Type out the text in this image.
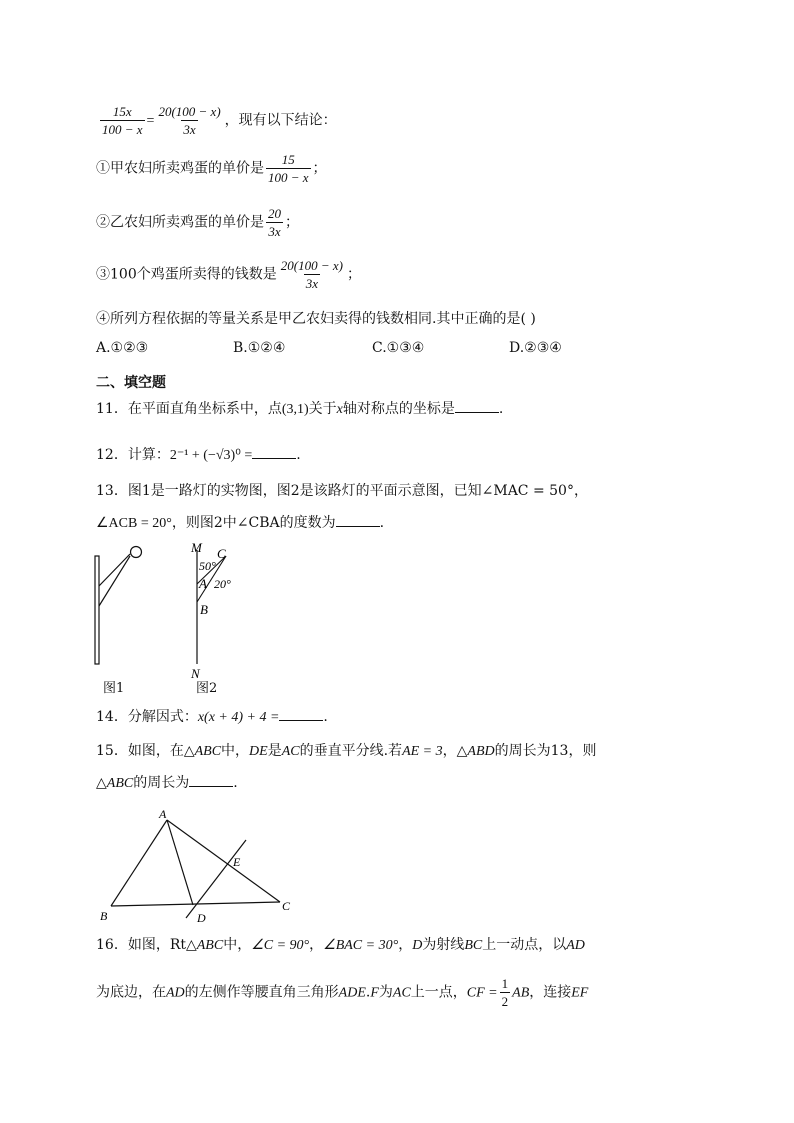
$\frac{15x}{100 - x} = \frac{20(100 - x)}{3x}$ ，现有以下结论：
①甲农妇所卖鸡蛋的单价是 $\frac{15}{100 - x}$ ；
②乙农妇所卖鸡蛋的单价是 $\frac{20}{3x}$ ；
③100个鸡蛋所卖得的钱数是 $\frac{20(100 - x)}{3x}$ ；
④所列方程依据的等量关系是甲乙农妇卖得的钱数相同.其中正确的是( )
A.①②③	B.①②④	C.①③④	D.②③④
二、填空题
11．在平面直角坐标系中，点(3,1)关于x轴对称点的坐标是	.
12．计算：2⁻¹ + (−√3)⁰ =	.
13．图1是一路灯的实物图，图2是该路灯的平面示意图，已知∠MAC = 50°，
∠ACB = 20°，则图2中∠CBA的度数为	.
图1
M C
50°
A 20°
B
N
图2
14．分解因式：x(x + 4) + 4 =	.
15．如图，在△ABC中，DE是AC的垂直平分线.若AE = 3，△ABD的周长为13，则
△ABC的周长为	.
A
E
B	D
C
16．如图，Rt△ABC中，∠C = 90°，∠BAC = 30°，D为射线BC上一动点，以AD
为底边，在AD的左侧作等腰直角三角形ADE.F为AC上一点，CF = $\frac{1}{2}$ AB，连接EF
